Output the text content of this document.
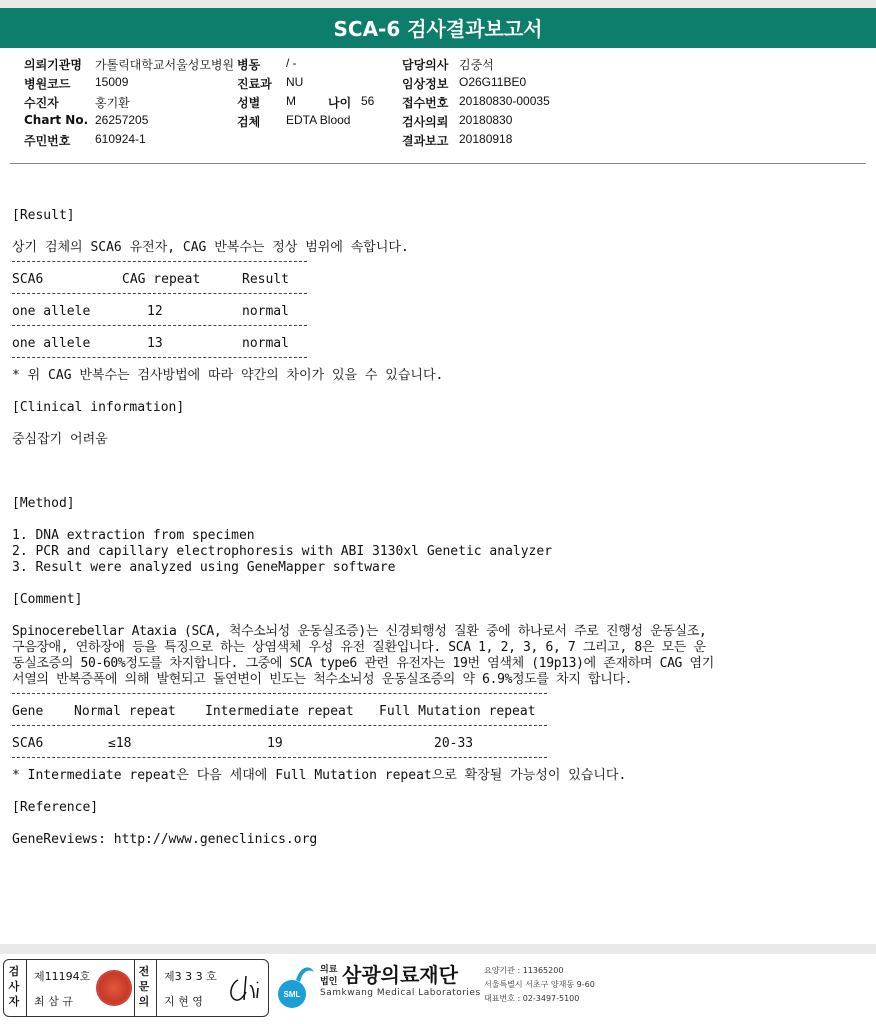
SCA-6 검사결과보고서
의뢰기관명 가톨릭대학교서울성모병원 병동 / -	담당의사 김중석
병원코드 15009	진료과 NU	임상정보 O26G11BE0
수진자	홍기환	성별 M	나이 56 접수번호 20180830-00035
Chart No. 26257205	검체 EDTA Blood	검사의뢰 20180830
주민번호 610924-1	결과보고 20180918
[Result]
상기 검체의 SCA6 유전자, CAG 반복수는 정상 범위에 속합니다.
SCA6	CAG repeat	Result
one allele	12	normal
one allele	13	normal
* 위 CAG 반복수는 검사방법에 따라 약간의 차이가 있을 수 있습니다.
[Clinical information]
중심잡기 어려움
[Method]
1. DNA extraction from specimen
2. PCR and capillary electrophoresis with ABI 3130xl Genetic analyzer
3. Result were analyzed using GeneMapper software
[Comment]
Spinocerebellar Ataxia (SCA, 척수소뇌성 운동실조증)는 신경퇴행성 질환 중에 하나로서 주로 진행성 운동실조,
구음장애, 연하장애 등을 특징으로 하는 상염색체 우성 유전 질환입니다. SCA 1, 2, 3, 6, 7 그리고, 8은 모든 운
동실조증의 50-60%정도를 차지합니다. 그중에 SCA type6 관련 유전자는 19번 염색체 (19p13)에 존재하며 CAG 염기
서열의 반복증폭에 의해 발현되고 돌연변이 빈도는 척수소뇌성 운동실조증의 약 6.9%정도를 차지 합니다.
Gene Normal repeat Intermediate repeat Full Mutation repeat
SCA6	≤18	19	20-33
* Intermediate repeat은 다음 세대에 Full Mutation repeat으로 확장될 가능성이 있습니다.
[Reference]
GeneReviews: http://www.geneclinics.org
검
사
자
제11194호
최 삼 규
전
문
의
제3 3 3 호
지 현 영
SML
의료법인 삼광의료재단
Samkwang Medical Laboratories
요양기관 : 11365200
서울특별시 서초구 양재동 9-60
대표번호 : 02-3497-5100
